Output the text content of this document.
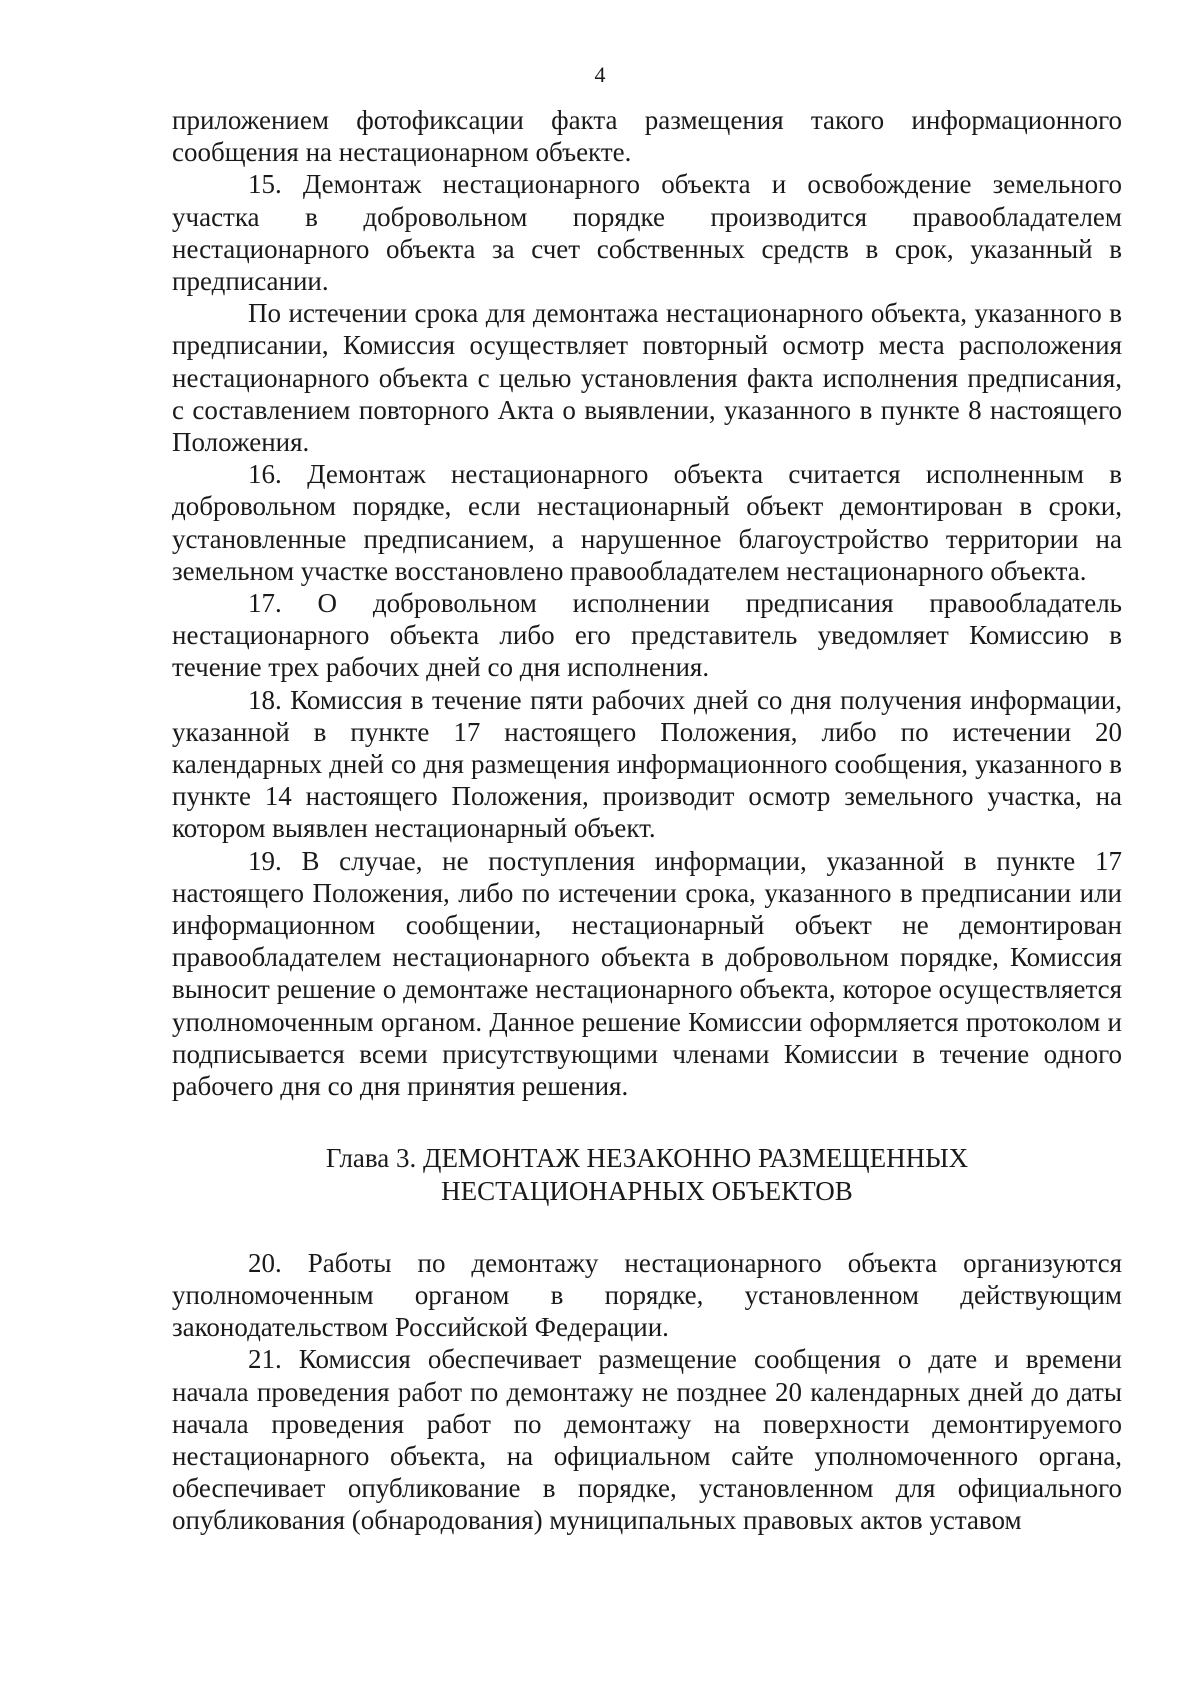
4

приложением фотофиксации факта размещения такого информационного сообщения на нестационарном объекте.

15. Демонтаж нестационарного объекта и освобождение земельного участка в добровольном порядке производится правообладателем нестационарного объекта за счет собственных средств в срок, указанный в предписании.

По истечении срока для демонтажа нестационарного объекта, указанного в предписании, Комиссия осуществляет повторный осмотр места расположения нестационарного объекта с целью установления факта исполнения предписания, с составлением повторного Акта о выявлении, указанного в пункте 8 настоящего Положения.

16. Демонтаж нестационарного объекта считается исполненным в добровольном порядке, если нестационарный объект демонтирован в сроки, установленные предписанием, а нарушенное благоустройство территории на земельном участке восстановлено правообладателем нестационарного объекта.

17. О добровольном исполнении предписания правообладатель нестационарного объекта либо его представитель уведомляет Комиссию в течение трех рабочих дней со дня исполнения.

18. Комиссия в течение пяти рабочих дней со дня получения информации, указанной в пункте 17 настоящего Положения, либо по истечении 20 календарных дней со дня размещения информационного сообщения, указанного в пункте 14 настоящего Положения, производит осмотр земельного участка, на котором выявлен нестационарный объект.

19. В случае, не поступления информации, указанной в пункте 17 настоящего Положения, либо по истечении срока, указанного в предписании или информационном сообщении, нестационарный объект не демонтирован правообладателем нестационарного объекта в добровольном порядке, Комиссия выносит решение о демонтаже нестационарного объекта, которое осуществляется уполномоченным органом. Данное решение Комиссии оформляется протоколом и подписывается всеми присутствующими членами Комиссии в течение одного рабочего дня со дня принятия решения.

Глава 3. ДЕМОНТАЖ НЕЗАКОННО РАЗМЕЩЕННЫХ
НЕСТАЦИОНАРНЫХ ОБЪЕКТОВ

20. Работы по демонтажу нестационарного объекта организуются уполномоченным органом в порядке, установленном действующим законодательством Российской Федерации.

21. Комиссия обеспечивает размещение сообщения о дате и времени начала проведения работ по демонтажу не позднее 20 календарных дней до даты начала проведения работ по демонтажу на поверхности демонтируемого нестационарного объекта, на официальном сайте уполномоченного органа, обеспечивает опубликование в порядке, установленном для официального опубликования (обнародования) муниципальных правовых актов уставом
